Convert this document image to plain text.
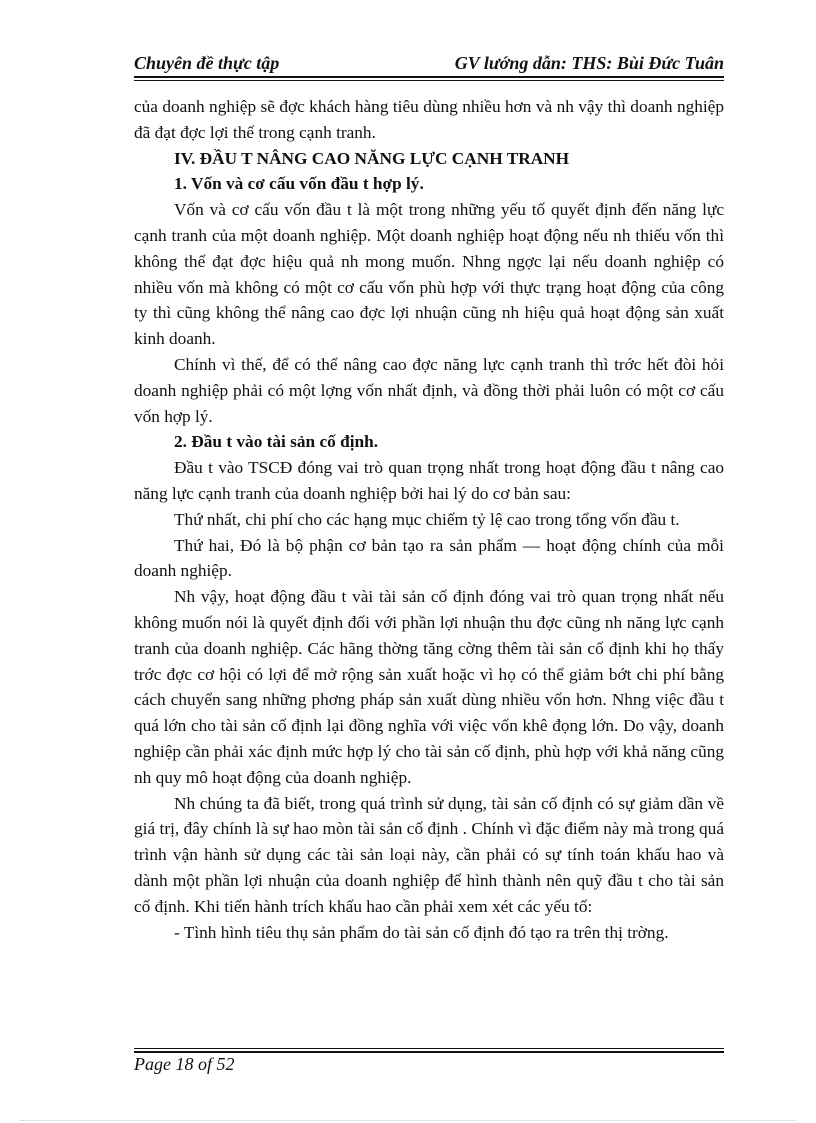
Chuyên đề thực tập	GV lướng dẫn: THS: Bùi Đức Tuân

của doanh nghiệp sẽ đợc khách hàng tiêu dùng nhiều hơn và nh vậy thì doanh nghiệp đã đạt đợc lợi thế trong cạnh tranh.

IV. ĐẦU T NÂNG CAO NĂNG LỰC CẠNH TRANH
1. Vốn và cơ cấu vốn đầu t hợp lý.

Vốn và cơ cấu vốn đầu t là một trong những yếu tố quyết định đến năng lực cạnh tranh của một doanh nghiệp. Một doanh nghiệp hoạt động nếu nh thiếu vốn thì không thể đạt đợc hiệu quả nh mong muốn. Nhng ngợc lại nếu doanh nghiệp có nhiều vốn mà không có một cơ cấu vốn phù hợp với thực trạng hoạt động của công ty thì cũng không thể nâng cao đợc lợi nhuận cũng nh hiệu quả hoạt động sản xuất kinh doanh.

Chính vì thế, để có thể nâng cao đợc năng lực cạnh tranh thì trớc hết đòi hỏi doanh nghiệp phải có một lợng vốn nhất định, và đồng thời phải luôn có một cơ cấu vốn hợp lý.

2. Đầu t vào tài sản cố định.

Đầu t vào TSCĐ đóng vai trò quan trọng nhất trong hoạt động đầu t nâng cao năng lực cạnh tranh của doanh nghiệp bởi hai lý do cơ bản sau:

Thứ nhất, chi phí cho các hạng mục chiếm tỷ lệ cao trong tổng vốn đầu t.

Thứ hai, Đó là bộ phận cơ bản tạo ra sản phẩm — hoạt động chính của mỗi doanh nghiệp.

Nh vậy, hoạt động đầu t vài tài sản cố định đóng vai trò quan trọng nhất nếu không muốn nói là quyết định đối với phần lợi nhuận thu đợc cũng nh năng lực cạnh tranh của doanh nghiệp. Các hãng thờng tăng cờng thêm tài sản cố định khi họ thấy trớc đợc cơ hội có lợi để mở rộng sản xuất hoặc vì họ có thể giảm bớt chi phí bằng cách chuyển sang những phơng pháp sản xuất dùng nhiều vốn hơn. Nhng việc đầu t quá lớn cho tài sản cố định lại đồng nghĩa với việc vốn khê đọng lớn. Do vậy, doanh nghiệp cần phải xác định mức hợp lý cho tài sản cố định, phù hợp với khả năng cũng nh quy mô hoạt động của doanh nghiệp.

Nh chúng ta đã biết, trong quá trình sử dụng, tài sản cố định có sự giảm dần về giá trị, đây chính là sự hao mòn tài sản cố định . Chính vì đặc điểm này mà trong quá trình vận hành sử dụng các tài sản loại này, cần phải có sự tính toán khấu hao và dành một phần lợi nhuận của doanh nghiệp để hình thành nên quỹ đầu t cho tài sản cố định. Khi tiến hành trích khấu hao cần phải xem xét các yếu tố:

- Tình hình tiêu thụ sản phẩm do tài sản cố định đó tạo ra trên thị trờng.

Page 18 of 52
